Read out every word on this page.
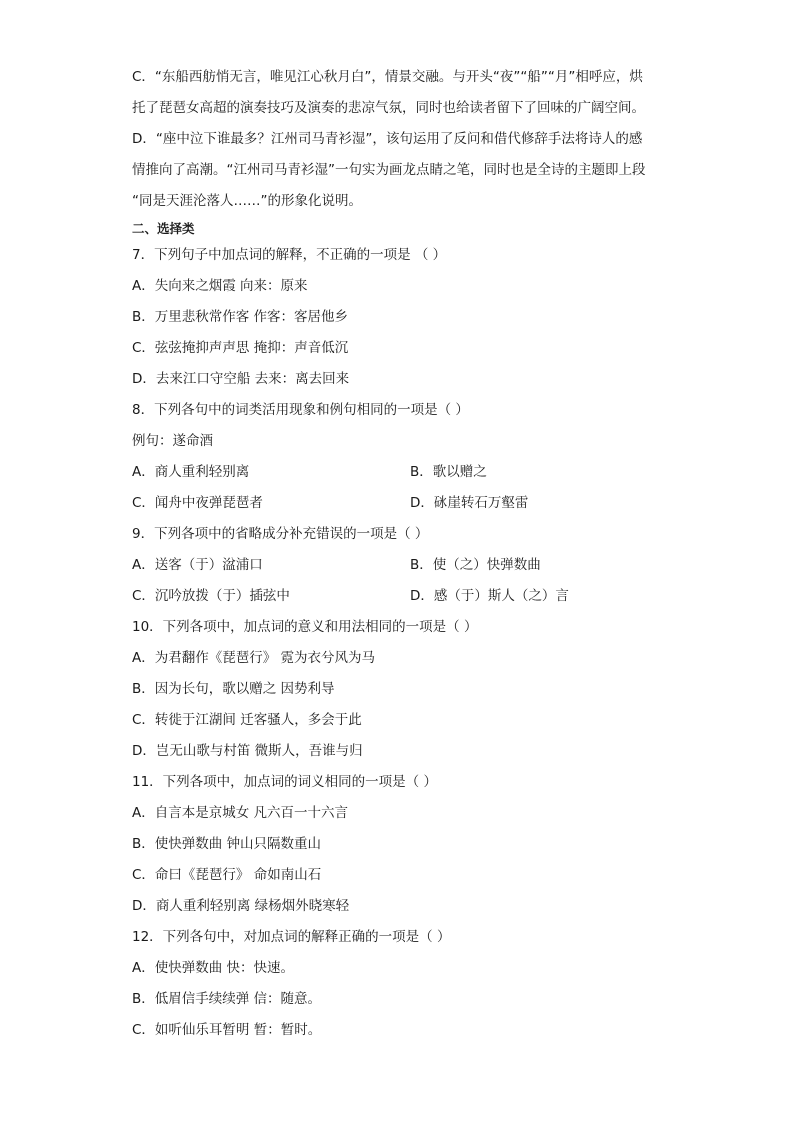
C．“东船西舫悄无言，唯见江心秋月白”，情景交融。与开头“夜”“船”“月”相呼应，烘
托了琵琶女高超的演奏技巧及演奏的悲凉气氛，同时也给读者留下了回味的广阔空间。
D．“座中泣下谁最多？江州司马青衫湿”，该句运用了反问和借代修辞手法将诗人的感
情推向了高潮。“江州司马青衫湿”一句实为画龙点睛之笔，同时也是全诗的主题即上段
“同是天涯沦落人……”的形象化说明。
二、选择类
7．下列句子中加点词的解释，不正确的一项是 （ ）
A．失向来之烟霞 向来：原来
B．万里悲秋常作客 作客：客居他乡
C．弦弦掩抑声声思 掩抑：声音低沉
D．去来江口守空船 去来：离去回来
8．下列各句中的词类活用现象和例句相同的一项是（ ）
例句：遂命酒
A．商人重利轻别离	B．歌以赠之
C．闻舟中夜弹琵琶者	D．砯崖转石万壑雷
9．下列各项中的省略成分补充错误的一项是（ ）
A．送客（于）湓浦口	B．使（之）快弹数曲
C．沉吟放拨（于）插弦中	D．感（于）斯人（之）言
10．下列各项中，加点词的意义和用法相同的一项是（ ）
A．为君翻作《琵琶行》 霓为衣兮风为马
B．因为长句，歌以赠之 因势利导
C．转徙于江湖间 迁客骚人，多会于此
D．岂无山歌与村笛 微斯人，吾谁与归
11．下列各项中，加点词的词义相同的一项是（ ）
A．自言本是京城女 凡六百一十六言
B．使快弹数曲 钟山只隔数重山
C．命曰《琵琶行》 命如南山石
D．商人重利轻别离 绿杨烟外晓寒轻
12．下列各句中，对加点词的解释正确的一项是（ ）
A．使快弹数曲 快：快速。
B．低眉信手续续弹 信：随意。
C．如听仙乐耳暂明 暂：暂时。
